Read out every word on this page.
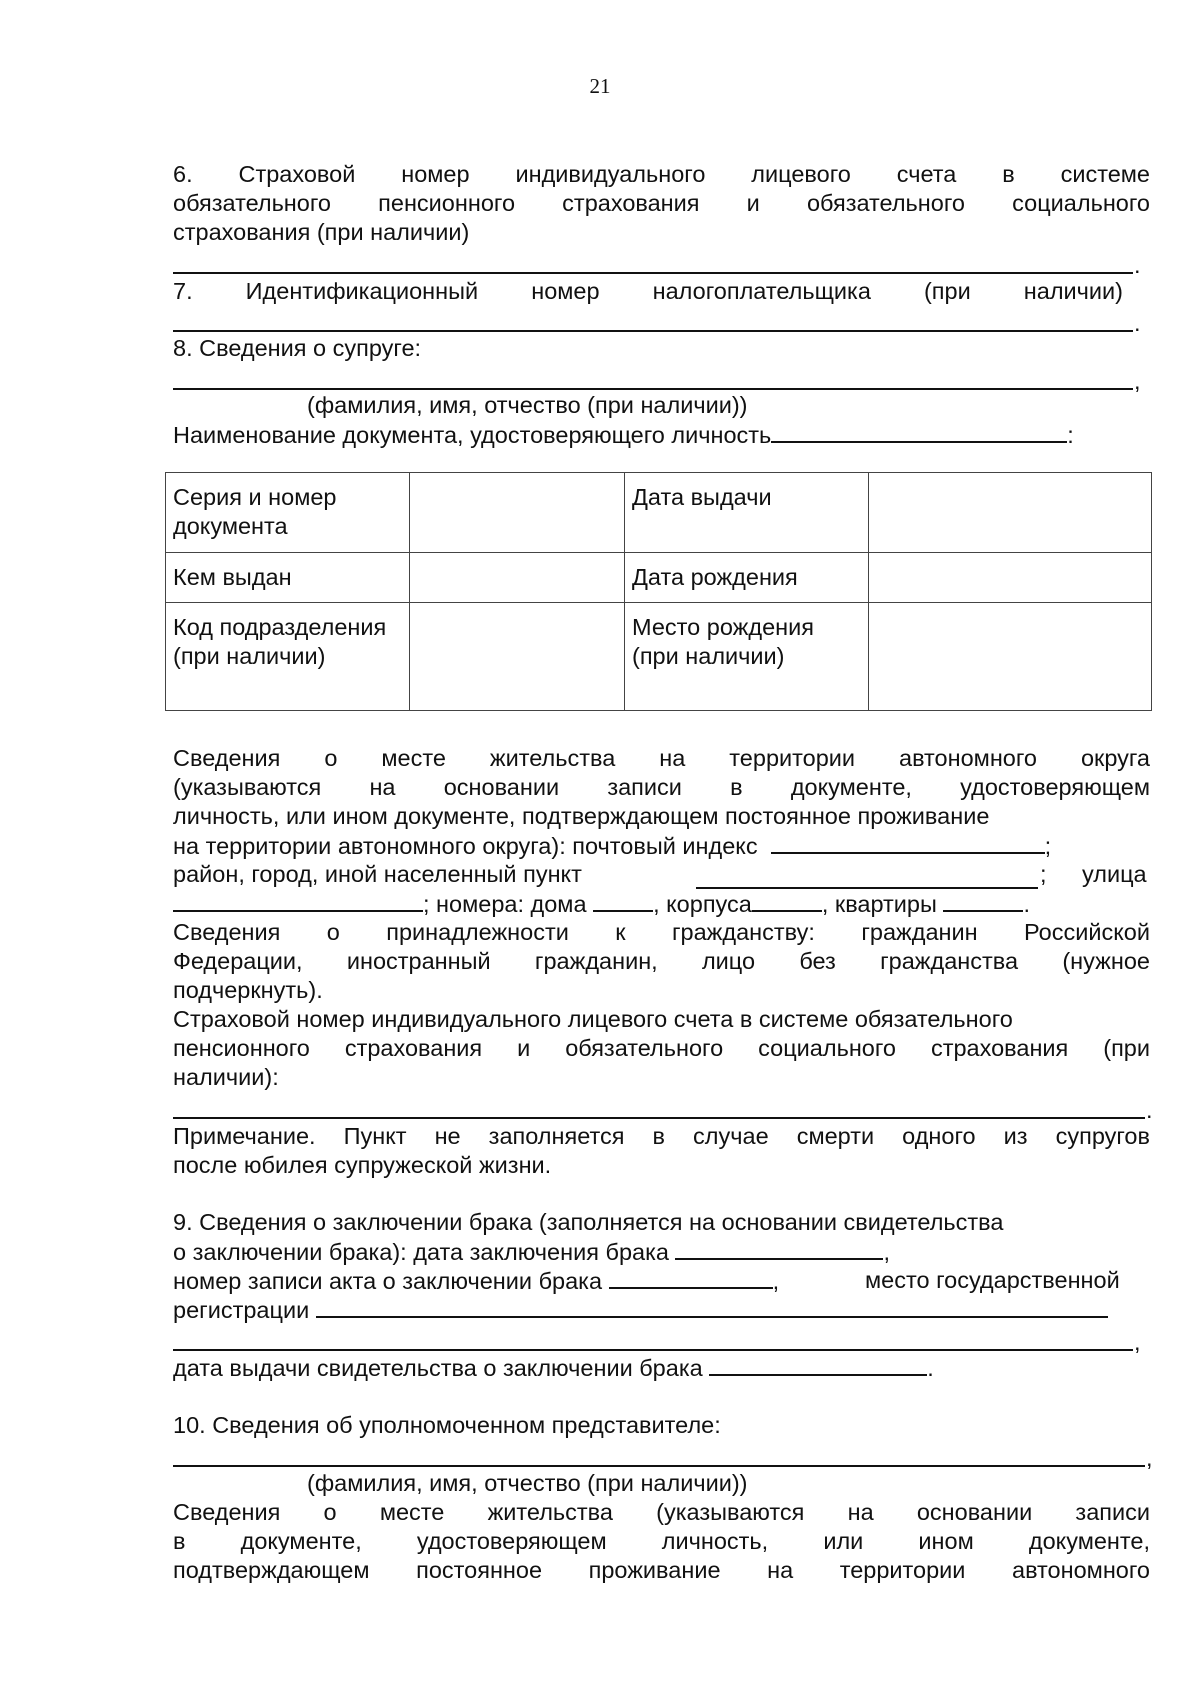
21
6. Страховой номер индивидуального лицевого счета в системе
обязательного пенсионного страхования и обязательного социального
страхования (при наличии)
.
7. Идентификационный номер налогоплательщика (при наличии)
.
8. Сведения о супруге:
,
(фамилия, имя, отчество (при наличии))
Наименование документа, удостоверяющего личность	:
Серия и номер документа		Дата выдачи	
Кем выдан		Дата рождения	
Код подразделения (при наличии)		Место рождения (при наличии)	
Сведения о месте жительства на территории автономного округа
(указываются на основании записи в документе, удостоверяющем
личность, или ином документе, подтверждающем постоянное проживание
на территории автономного округа): почтовый индекс	;
район, город, иной населенный пункт	; улица
; номера: дома	, корпуса	, квартиры	.
Сведения о принадлежности к гражданству: гражданин Российской
Федерации, иностранный гражданин, лицо без гражданства (нужное
подчеркнуть).
Страховой номер индивидуального лицевого счета в системе обязательного
пенсионного страхования и обязательного социального страхования (при
наличии):
.
Примечание. Пункт не заполняется в случае смерти одного из супругов
после юбилея супружеской жизни.
9. Сведения о заключении брака (заполняется на основании свидетельства
о заключении брака): дата заключения брака	,
номер записи акта о заключении брака	,	место государственной
регистрации
,
дата выдачи свидетельства о заключении брака	.
10. Сведения об уполномоченном представителе:
,
(фамилия, имя, отчество (при наличии))
Сведения о месте жительства (указываются на основании записи
в документе, удостоверяющем личность, или ином документе,
подтверждающем постоянное проживание на территории автономного
